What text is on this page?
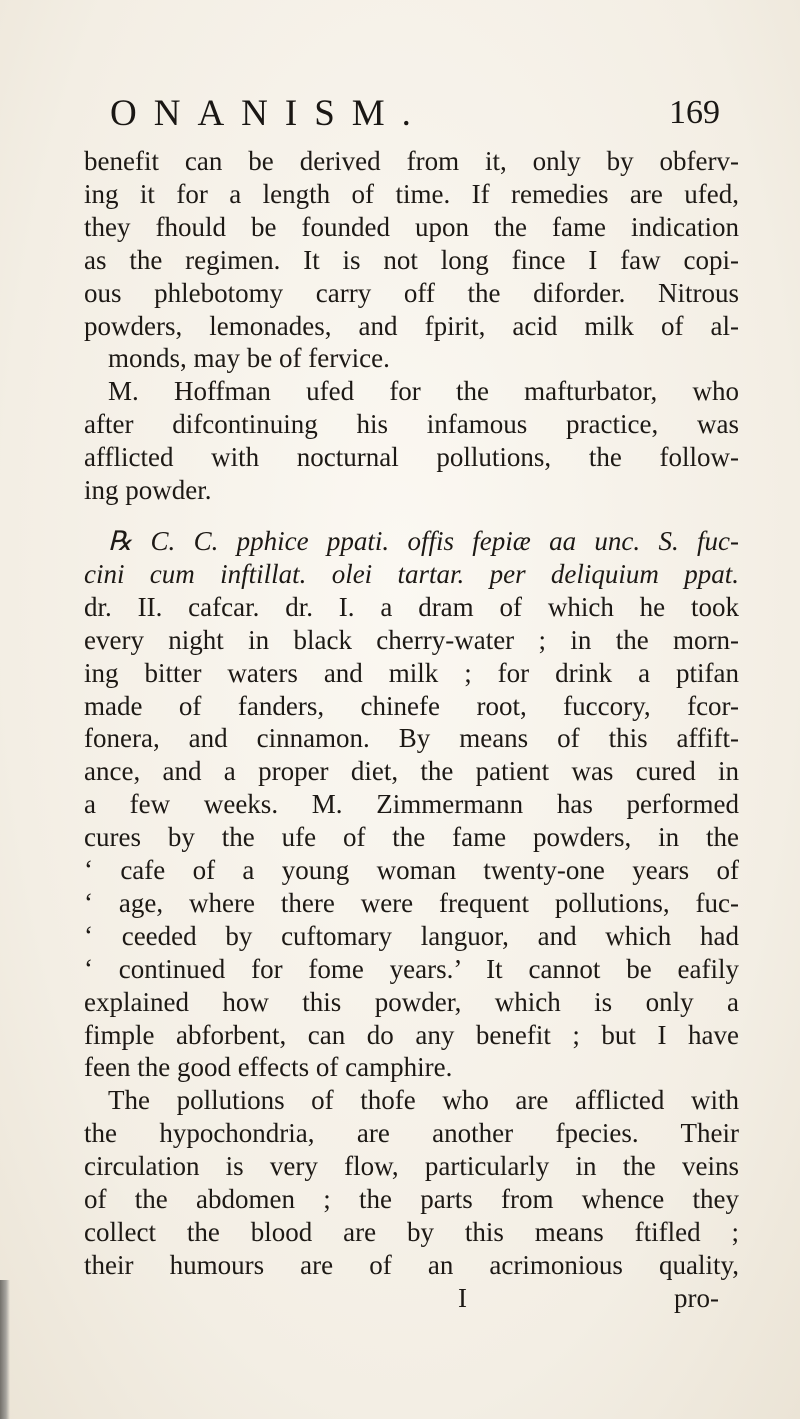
ONANISM.	169
benefit can be derived from it, only by obferv-
ing it for a length of time. If remedies are ufed,
they fhould be founded upon the fame indication
as the regimen. It is not long fince I faw copi-
ous phlebotomy carry off the diforder. Nitrous
powders, lemonades, and fpirit, acid milk of al-
monds, may be of fervice.
M. Hoffman ufed for the mafturbator, who
after difcontinuing his infamous practice, was
afflicted with nocturnal pollutions, the follow-
ing powder.
℞ C. C. pphice ppati. offis fepiæ aa unc. S. fuc-
cini cum inftillat. olei tartar. per deliquium ppat.
dr. II. cafcar. dr. I. a dram of which he took
every night in black cherry-water ; in the morn-
ing bitter waters and milk ; for drink a ptifan
made of fanders, chinefe root, fuccory, fcor-
fonera, and cinnamon. By means of this affift-
ance, and a proper diet, the patient was cured in
a few weeks. M. Zimmermann has performed
cures by the ufe of the fame powders, in the
‘ cafe of a young woman twenty-one years of
‘ age, where there were frequent pollutions, fuc-
‘ ceeded by cuftomary languor, and which had
‘ continued for fome years.’ It cannot be eafily
explained how this powder, which is only a
fimple abforbent, can do any benefit ; but I have
feen the good effects of camphire.
The pollutions of thofe who are afflicted with
the hypochondria, are another fpecies. Their
circulation is very flow, particularly in the veins
of the abdomen ; the parts from whence they
collect the blood are by this means ftifled ;
their humours are of an acrimonious quality,
I	pro-
